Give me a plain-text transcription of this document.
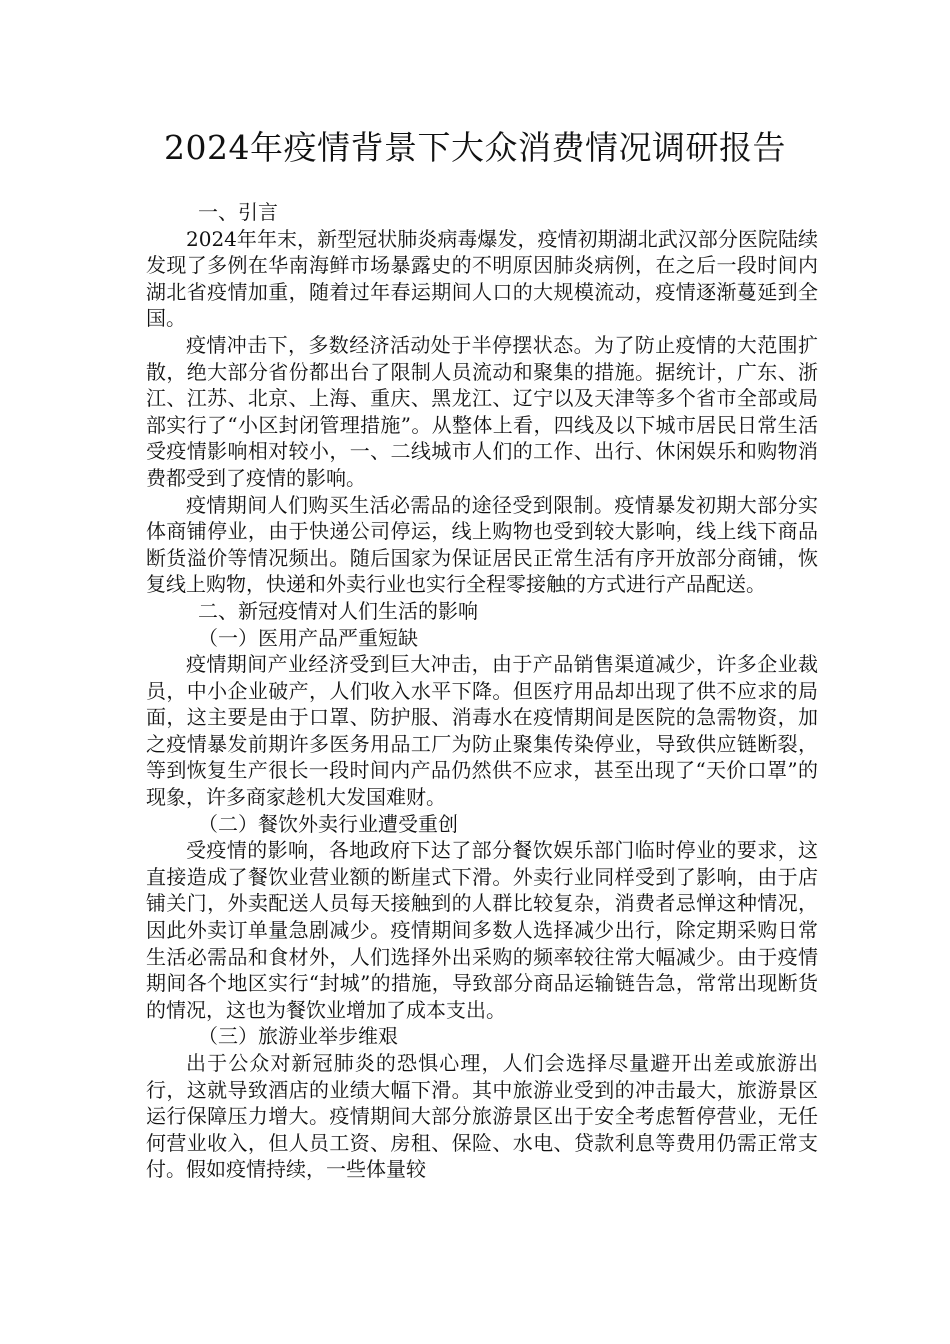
2024年疫情背景下大众消费情况调研报告

一、引言

2024年年末，新型冠状肺炎病毒爆发，疫情初期湖北武汉部分医院陆续发现了多例在华南海鲜市场暴露史的不明原因肺炎病例，在之后一段时间内湖北省疫情加重，随着过年春运期间人口的大规模流动，疫情逐渐蔓延到全国。

疫情冲击下，多数经济活动处于半停摆状态。为了防止疫情的大范围扩散，绝大部分省份都出台了限制人员流动和聚集的措施。据统计，广东、浙江、江苏、北京、上海、重庆、黑龙江、辽宁以及天津等多个省市全部或局部实行了“小区封闭管理措施”。从整体上看，四线及以下城市居民日常生活受疫情影响相对较小，一、二线城市人们的工作、出行、休闲娱乐和购物消费都受到了疫情的影响。

疫情期间人们购买生活必需品的途径受到限制。疫情暴发初期大部分实体商铺停业，由于快递公司停运，线上购物也受到较大影响，线上线下商品断货溢价等情况频出。随后国家为保证居民正常生活有序开放部分商铺，恢复线上购物，快递和外卖行业也实行全程零接触的方式进行产品配送。

二、新冠疫情对人们生活的影响

（一）医用产品严重短缺

疫情期间产业经济受到巨大冲击，由于产品销售渠道减少，许多企业裁员，中小企业破产，人们收入水平下降。但医疗用品却出现了供不应求的局面，这主要是由于口罩、防护服、消毒水在疫情期间是医院的急需物资，加之疫情暴发前期许多医务用品工厂为防止聚集传染停业，导致供应链断裂，等到恢复生产很长一段时间内产品仍然供不应求，甚至出现了“天价口罩”的现象，许多商家趁机大发国难财。

（二）餐饮外卖行业遭受重创

受疫情的影响，各地政府下达了部分餐饮娱乐部门临时停业的要求，这直接造成了餐饮业营业额的断崖式下滑。外卖行业同样受到了影响，由于店铺关门，外卖配送人员每天接触到的人群比较复杂，消费者忌惮这种情况，因此外卖订单量急剧减少。疫情期间多数人选择减少出行，除定期采购日常生活必需品和食材外，人们选择外出采购的频率较往常大幅减少。由于疫情期间各个地区实行“封城”的措施，导致部分商品运输链告急，常常出现断货的情况，这也为餐饮业增加了成本支出。

（三）旅游业举步维艰

出于公众对新冠肺炎的恐惧心理，人们会选择尽量避开出差或旅游出行，这就导致酒店的业绩大幅下滑。其中旅游业受到的冲击最大，旅游景区运行保障压力增大。疫情期间大部分旅游景区出于安全考虑暂停营业，无任何营业收入，但人员工资、房租、保险、水电、贷款利息等费用仍需正常支付。假如疫情持续，一些体量较
